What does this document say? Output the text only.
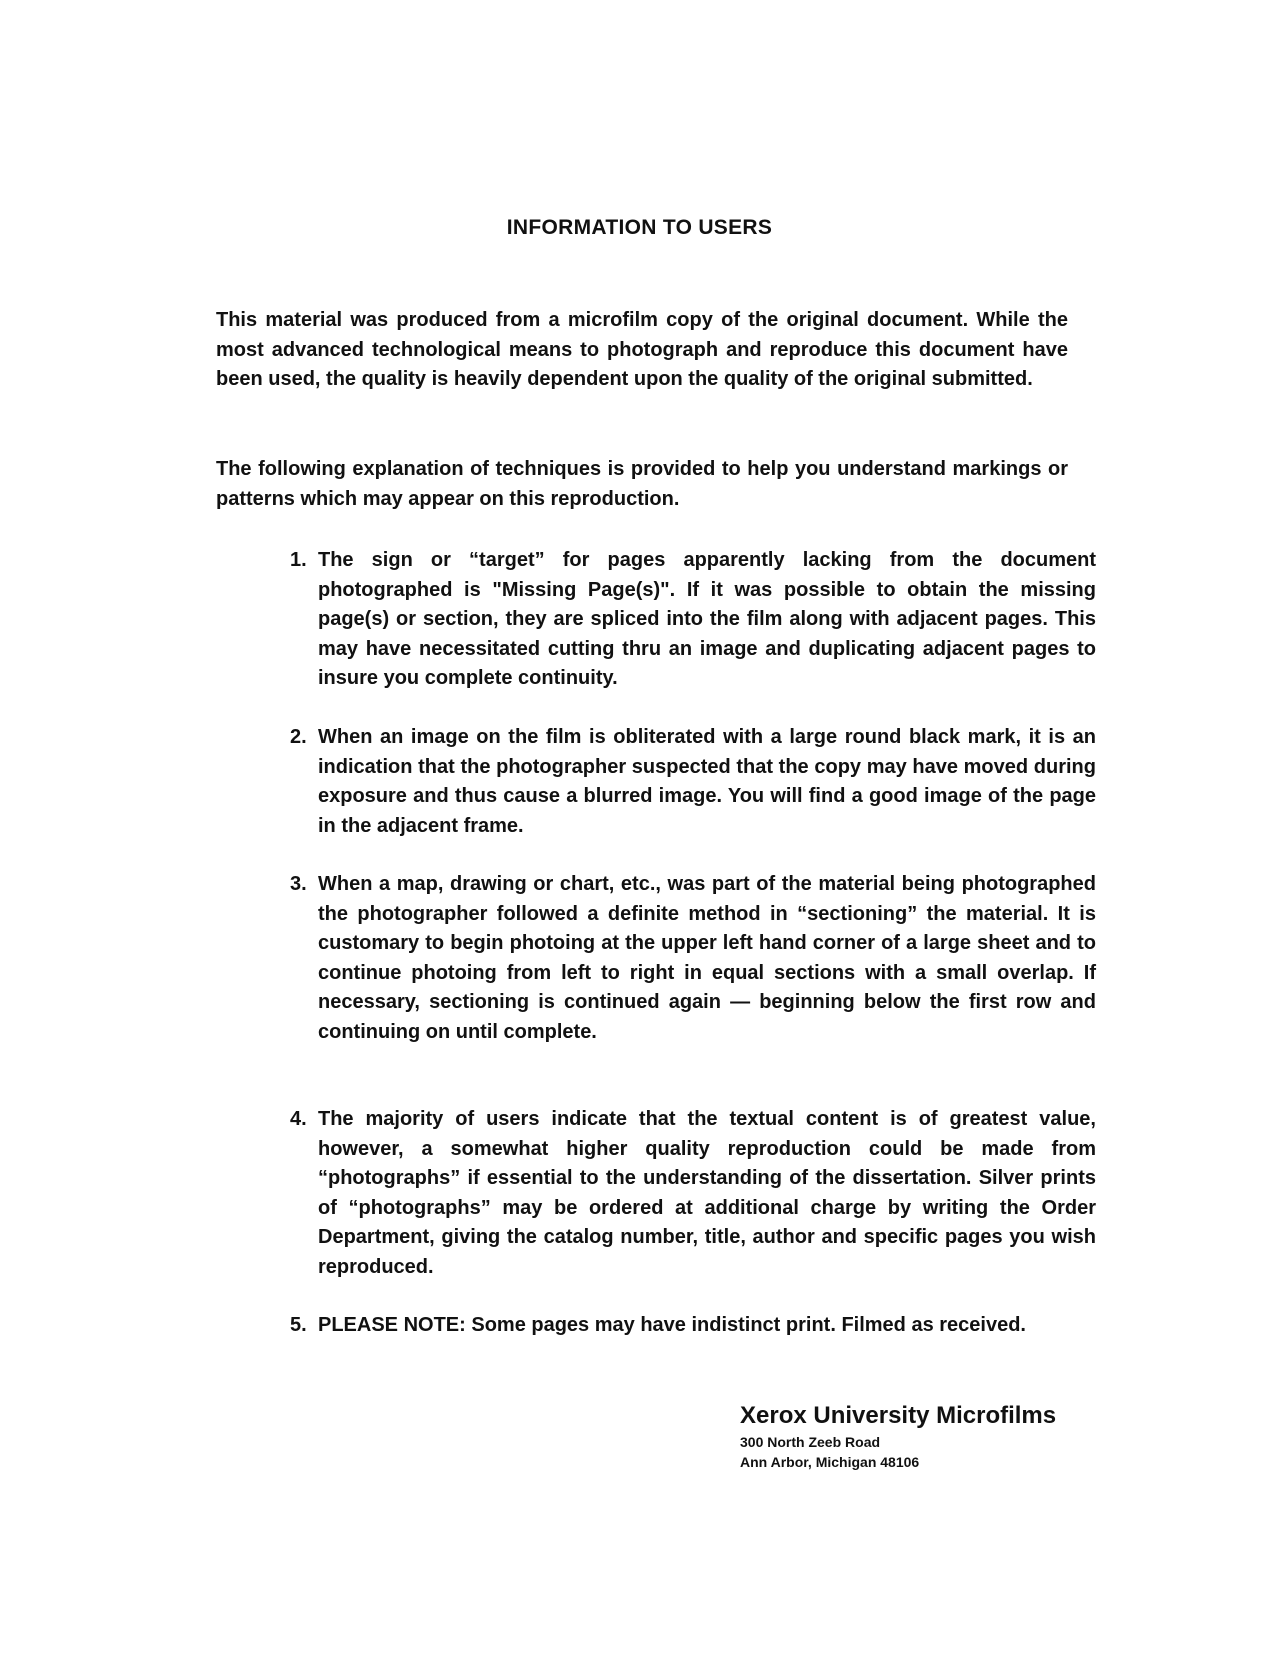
INFORMATION TO USERS

This material was produced from a microfilm copy of the original document. While the most advanced technological means to photograph and reproduce this document have been used, the quality is heavily dependent upon the quality of the original submitted.

The following explanation of techniques is provided to help you understand markings or patterns which may appear on this reproduction.

1. The sign or “target” for pages apparently lacking from the document photographed is "Missing Page(s)". If it was possible to obtain the missing page(s) or section, they are spliced into the film along with adjacent pages. This may have necessitated cutting thru an image and duplicating adjacent pages to insure you complete continuity.
2. When an image on the film is obliterated with a large round black mark, it is an indication that the photographer suspected that the copy may have moved during exposure and thus cause a blurred image. You will find a good image of the page in the adjacent frame.
3. When a map, drawing or chart, etc., was part of the material being photographed the photographer followed a definite method in “sectioning” the material. It is customary to begin photoing at the upper left hand corner of a large sheet and to continue photoing from left to right in equal sections with a small overlap. If necessary, sectioning is continued again — beginning below the first row and continuing on until complete.
4. The majority of users indicate that the textual content is of greatest value, however, a somewhat higher quality reproduction could be made from “photographs” if essential to the understanding of the dissertation. Silver prints of “photographs” may be ordered at additional charge by writing the Order Department, giving the catalog number, title, author and specific pages you wish reproduced.
5. PLEASE NOTE: Some pages may have indistinct print. Filmed as received.
Xerox University Microfilms
300 North Zeeb Road
Ann Arbor, Michigan 48106
